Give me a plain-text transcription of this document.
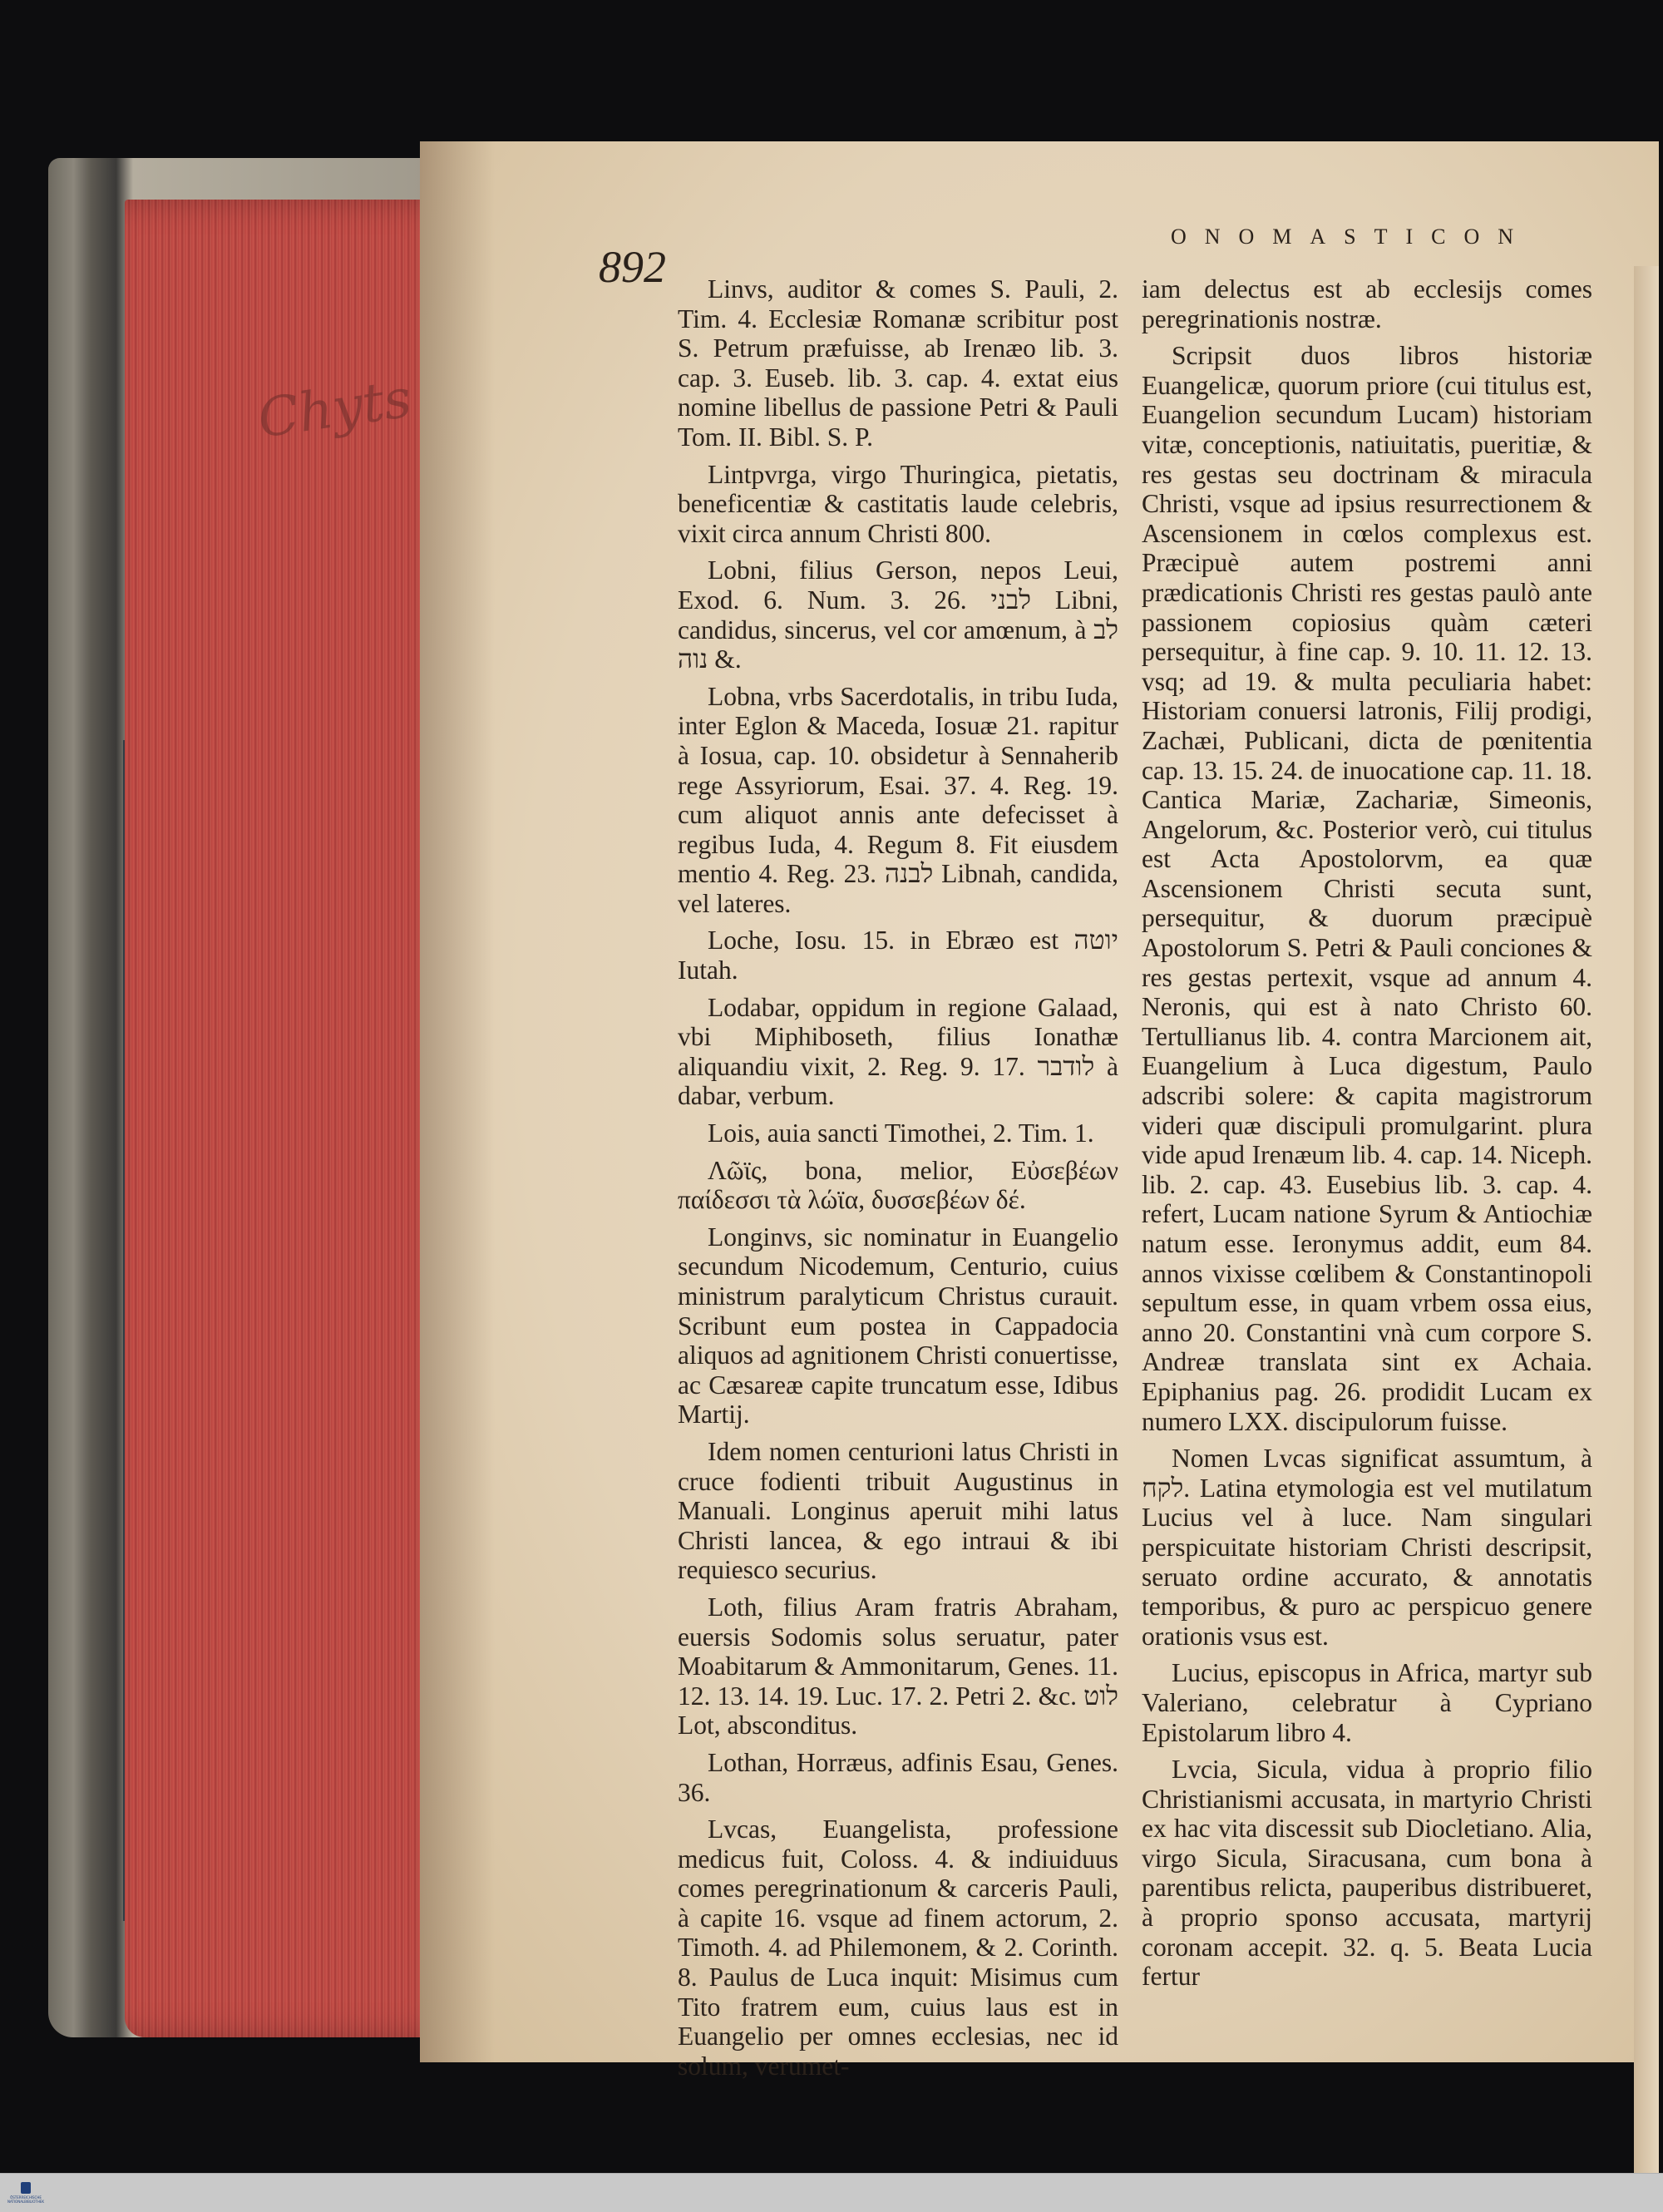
Chyts
892
ONOMASTICON

Linvs, auditor & comes S. Pauli, 2. Tim. 4. Ecclesiæ Romanæ scribitur post S. Petrum præfuisse, ab Irenæo lib. 3. cap. 3. Euseb. lib. 3. cap. 4. extat eius nomine libellus de passione Petri & Pauli Tom. II. Bibl. S. P.

Lintpvrga, virgo Thuringica, pietatis, beneficentiæ & castitatis laude celebris, vixit circa annum Christi 800.

Lobni, filius Gerson, nepos Leui, Exod. 6. Num. 3. 26. לבני Libni, candidus, sincerus, vel cor amœnum, à לב & נוה.

Lobna, vrbs Sacerdotalis, in tribu Iuda, inter Eglon & Maceda, Iosuæ 21. rapitur à Iosua, cap. 10. obsidetur à Sennaherib rege Assyriorum, Esai. 37. 4. Reg. 19. cum aliquot annis ante defecisset à regibus Iuda, 4. Regum 8. Fit eiusdem mentio 4. Reg. 23. לבנה Libnah, candida, vel lateres.

Loche, Iosu. 15. in Ebræo est יוטה Iutah.

Lodabar, oppidum in regione Galaad, vbi Miphiboseth, filius Ionathæ aliquandiu vixit, 2. Reg. 9. 17. לודבר à dabar, verbum.

Lois, auia sancti Timothei, 2. Tim. 1.

Λῶϊς, bona, melior, Εὐσεβέων παίδεσσι τὰ λώϊα, δυσσεβέων δέ.

Longinvs, sic nominatur in Euangelio secundum Nicodemum, Centurio, cuius ministrum paralyticum Christus curauit. Scribunt eum postea in Cappadocia aliquos ad agnitionem Christi conuertisse, ac Cæsareæ capite truncatum esse, Idibus Martij.

Idem nomen centurioni latus Christi in cruce fodienti tribuit Augustinus in Manuali. Longinus aperuit mihi latus Christi lancea, & ego intraui & ibi requiesco securius.

Loth, filius Aram fratris Abraham, euersis Sodomis solus seruatur, pater Moabitarum & Ammonitarum, Genes. 11. 12. 13. 14. 19. Luc. 17. 2. Petri 2. &c. לוט Lot, absconditus.

Lothan, Horræus, adfinis Esau, Genes. 36.

Lvcas, Euangelista, professione medicus fuit, Coloss. 4. & indiuiduus comes peregrinationum & carceris Pauli, à capite 16. vsque ad finem actorum, 2. Timoth. 4. ad Philemonem, & 2. Corinth. 8. Paulus de Luca inquit: Misimus cum Tito fratrem eum, cuius laus est in Euangelio per omnes ecclesias, nec id solum, verumet-

iam delectus est ab ecclesijs comes peregrinationis nostræ.

Scripsit duos libros historiæ Euangelicæ, quorum priore (cui titulus est, Euangelion secundum Lucam) historiam vitæ, conceptionis, natiuitatis, pueritiæ, & res gestas seu doctrinam & miracula Christi, vsque ad ipsius resurrectionem & Ascensionem in cœlos complexus est. Præcipuè autem postremi anni prædicationis Christi res gestas paulò ante passionem copiosius quàm cæteri persequitur, à fine cap. 9. 10. 11. 12. 13. vsq; ad 19. & multa peculiaria habet: Historiam conuersi latronis, Filij prodigi, Zachæi, Publicani, dicta de pœnitentia cap. 13. 15. 24. de inuocatione cap. 11. 18. Cantica Mariæ, Zachariæ, Simeonis, Angelorum, &c. Posterior verò, cui titulus est Acta Apostolorvm, ea quæ Ascensionem Christi secuta sunt, persequitur, & duorum præcipuè Apostolorum S. Petri & Pauli conciones & res gestas pertexit, vsque ad annum 4. Neronis, qui est à nato Christo 60. Tertullianus lib. 4. contra Marcionem ait, Euangelium à Luca digestum, Paulo adscribi solere: & capita magistrorum videri quæ discipuli promulgarint. plura vide apud Irenæum lib. 4. cap. 14. Niceph. lib. 2. cap. 43. Eusebius lib. 3. cap. 4. refert, Lucam natione Syrum & Antiochiæ natum esse. Ieronymus addit, eum 84. annos vixisse cœlibem & Constantinopoli sepultum esse, in quam vrbem ossa eius, anno 20. Constantini vnà cum corpore S. Andreæ translata sint ex Achaia. Epiphanius pag. 26. prodidit Lucam ex numero LXX. discipulorum fuisse.

Nomen Lvcas significat assumtum, à לקח. Latina etymologia est vel mutilatum Lucius vel à luce. Nam singulari perspicuitate historiam Christi descripsit, seruato ordine accurato, & annotatis temporibus, & puro ac perspicuo genere orationis vsus est.

Lucius, episcopus in Africa, martyr sub Valeriano, celebratur à Cypriano Epistolarum libro 4.

Lvcia, Sicula, vidua à proprio filio Christianismi accusata, in martyrio Christi ex hac vita discessit sub Diocletiano. Alia, virgo Sicula, Siracusana, cum bona à parentibus relicta, pauperibus distribueret, à proprio sponso accusata, martyrij coronam accepit. 32. q. 5. Beata Lucia fertur

ÖSTERREICHISCHE NATIONALBIBLIOTHEK
